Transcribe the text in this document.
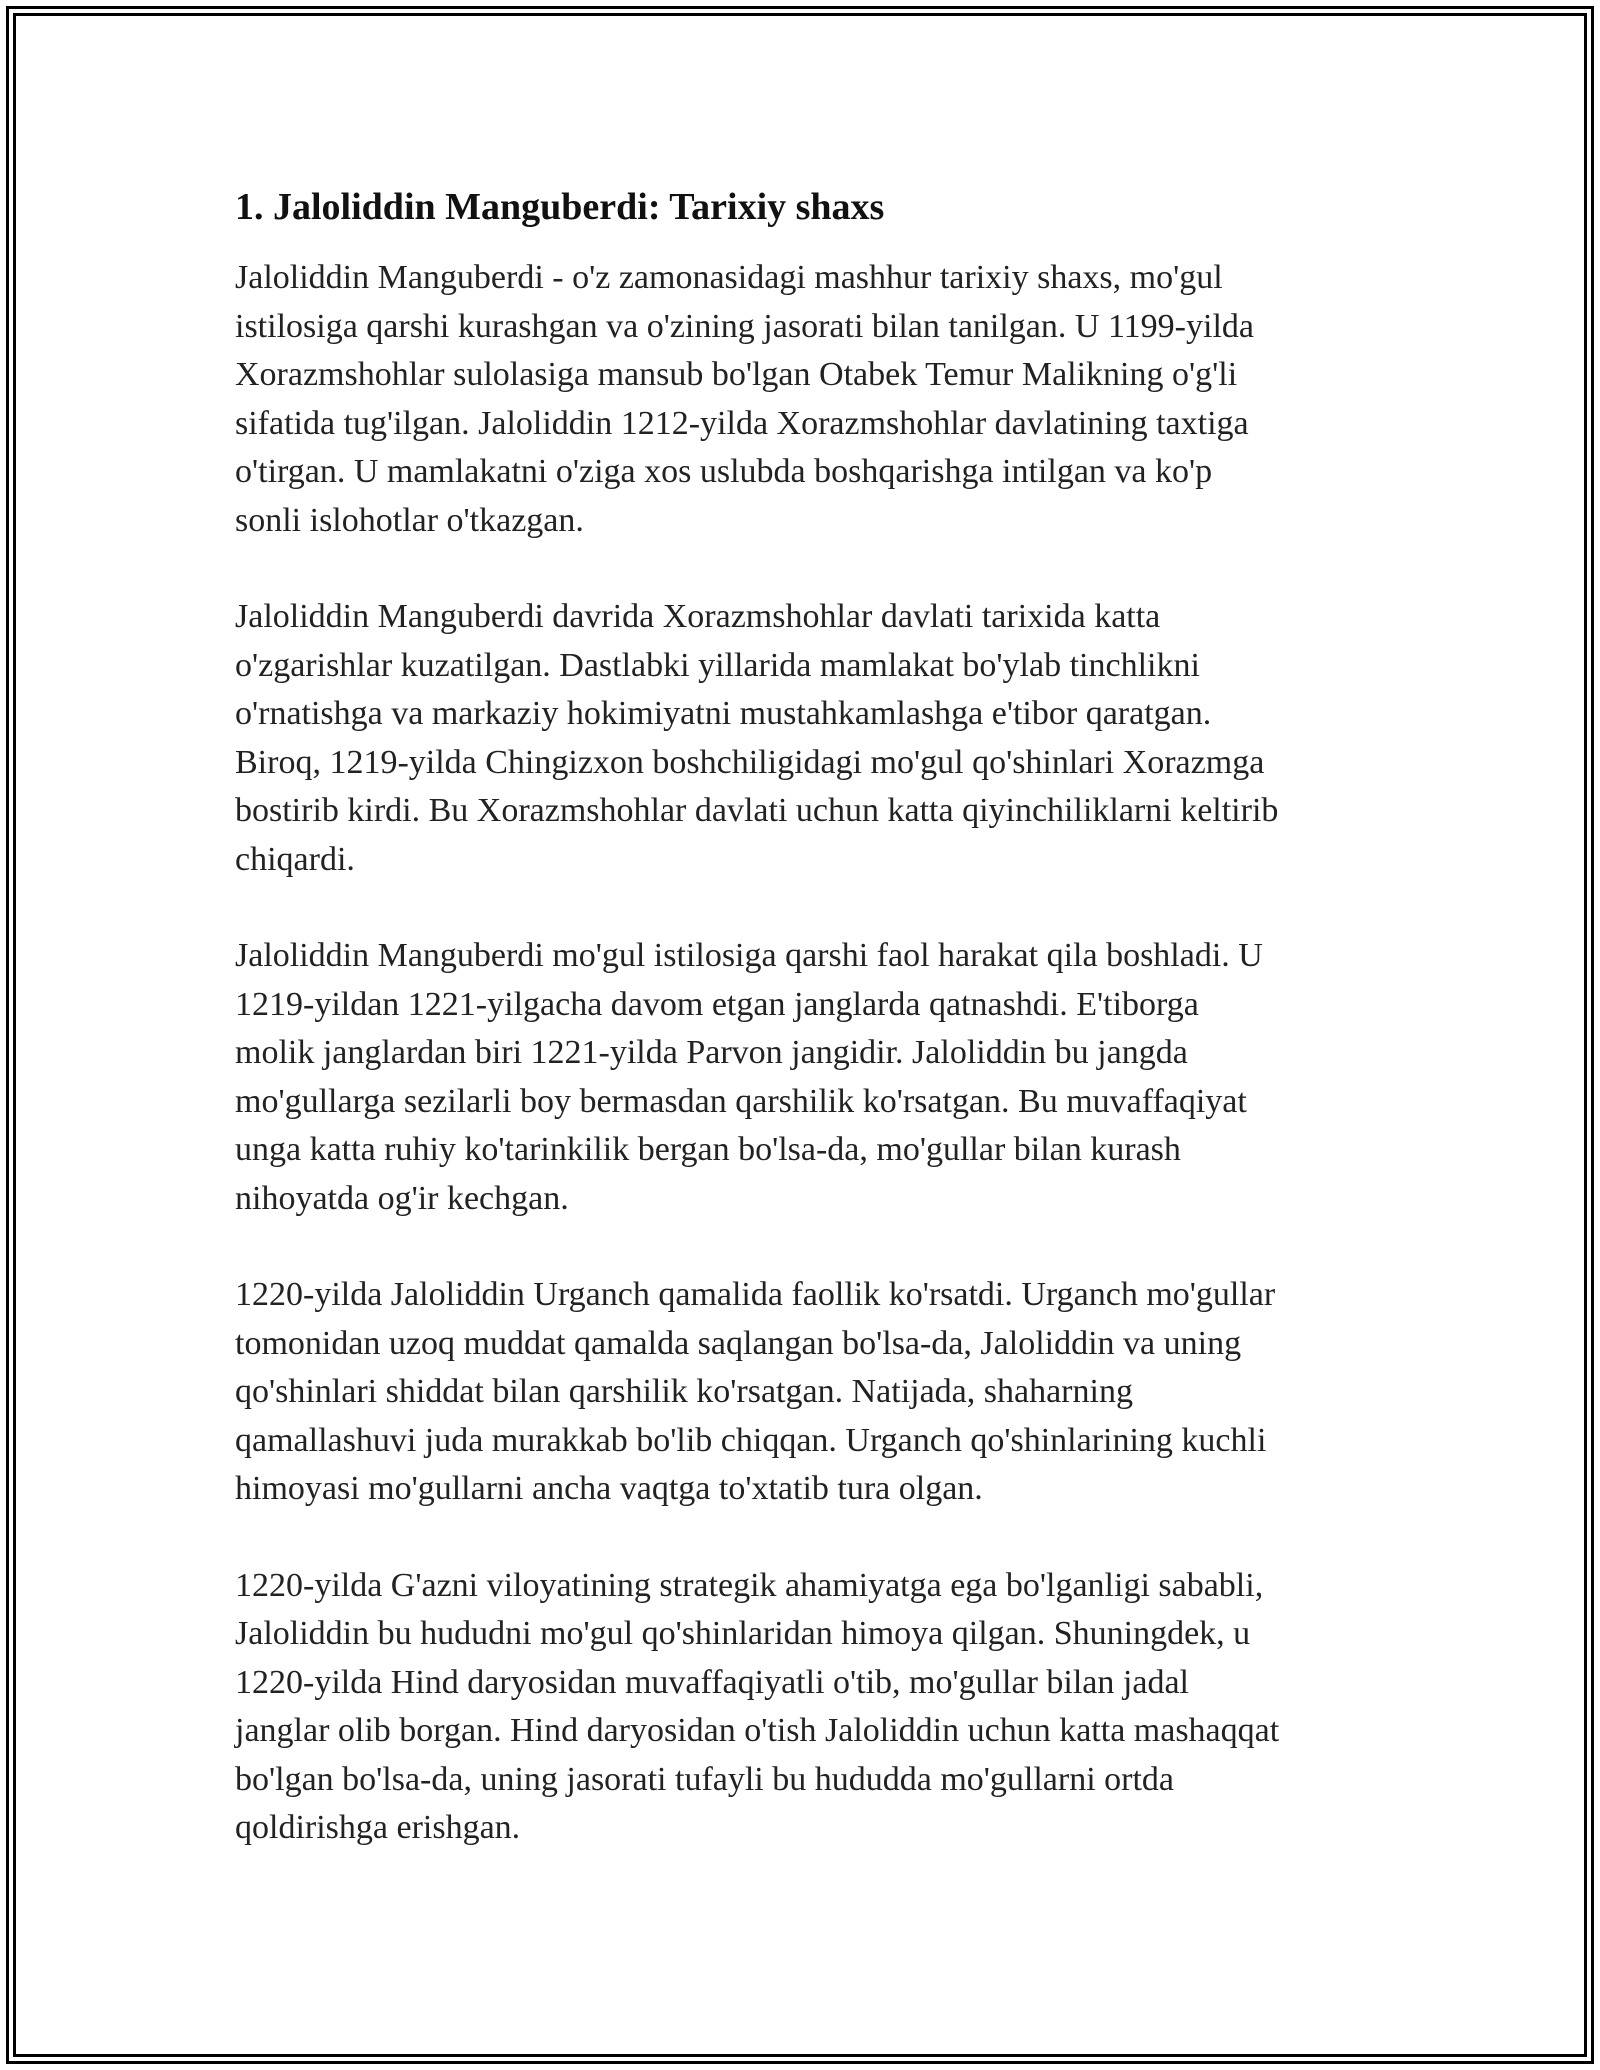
1. Jaloliddin Manguberdi: Tarixiy shaxs

Jaloliddin Manguberdi - o'z zamonasidagi mashhur tarixiy shaxs, mo'gul
istilosiga qarshi kurashgan va o'zining jasorati bilan tanilgan. U 1199-yilda
Xorazmshohlar sulolasiga mansub bo'lgan Otabek Temur Malikning o'g'li
sifatida tug'ilgan. Jaloliddin 1212-yilda Xorazmshohlar davlatining taxtiga
o'tirgan. U mamlakatni o'ziga xos uslubda boshqarishga intilgan va ko'p
sonli islohotlar o'tkazgan.

Jaloliddin Manguberdi davrida Xorazmshohlar davlati tarixida katta
o'zgarishlar kuzatilgan. Dastlabki yillarida mamlakat bo'ylab tinchlikni
o'rnatishga va markaziy hokimiyatni mustahkamlashga e'tibor qaratgan.
Biroq, 1219-yilda Chingizxon boshchiligidagi mo'gul qo'shinlari Xorazmga
bostirib kirdi. Bu Xorazmshohlar davlati uchun katta qiyinchiliklarni keltirib
chiqardi.

Jaloliddin Manguberdi mo'gul istilosiga qarshi faol harakat qila boshladi. U
1219-yildan 1221-yilgacha davom etgan janglarda qatnashdi. E'tiborga
molik janglardan biri 1221-yilda Parvon jangidir. Jaloliddin bu jangda
mo'gullarga sezilarli boy bermasdan qarshilik ko'rsatgan. Bu muvaffaqiyat
unga katta ruhiy ko'tarinkilik bergan bo'lsa-da, mo'gullar bilan kurash
nihoyatda og'ir kechgan.

1220-yilda Jaloliddin Urganch qamalida faollik ko'rsatdi. Urganch mo'gullar
tomonidan uzoq muddat qamalda saqlangan bo'lsa-da, Jaloliddin va uning
qo'shinlari shiddat bilan qarshilik ko'rsatgan. Natijada, shaharning
qamallashuvi juda murakkab bo'lib chiqqan. Urganch qo'shinlarining kuchli
himoyasi mo'gullarni ancha vaqtga to'xtatib tura olgan.

1220-yilda G'azni viloyatining strategik ahamiyatga ega bo'lganligi sababli,
Jaloliddin bu hududni mo'gul qo'shinlaridan himoya qilgan. Shuningdek, u
1220-yilda Hind daryosidan muvaffaqiyatli o'tib, mo'gullar bilan jadal
janglar olib borgan. Hind daryosidan o'tish Jaloliddin uchun katta mashaqqat
bo'lgan bo'lsa-da, uning jasorati tufayli bu hududda mo'gullarni ortda
qoldirishga erishgan.
